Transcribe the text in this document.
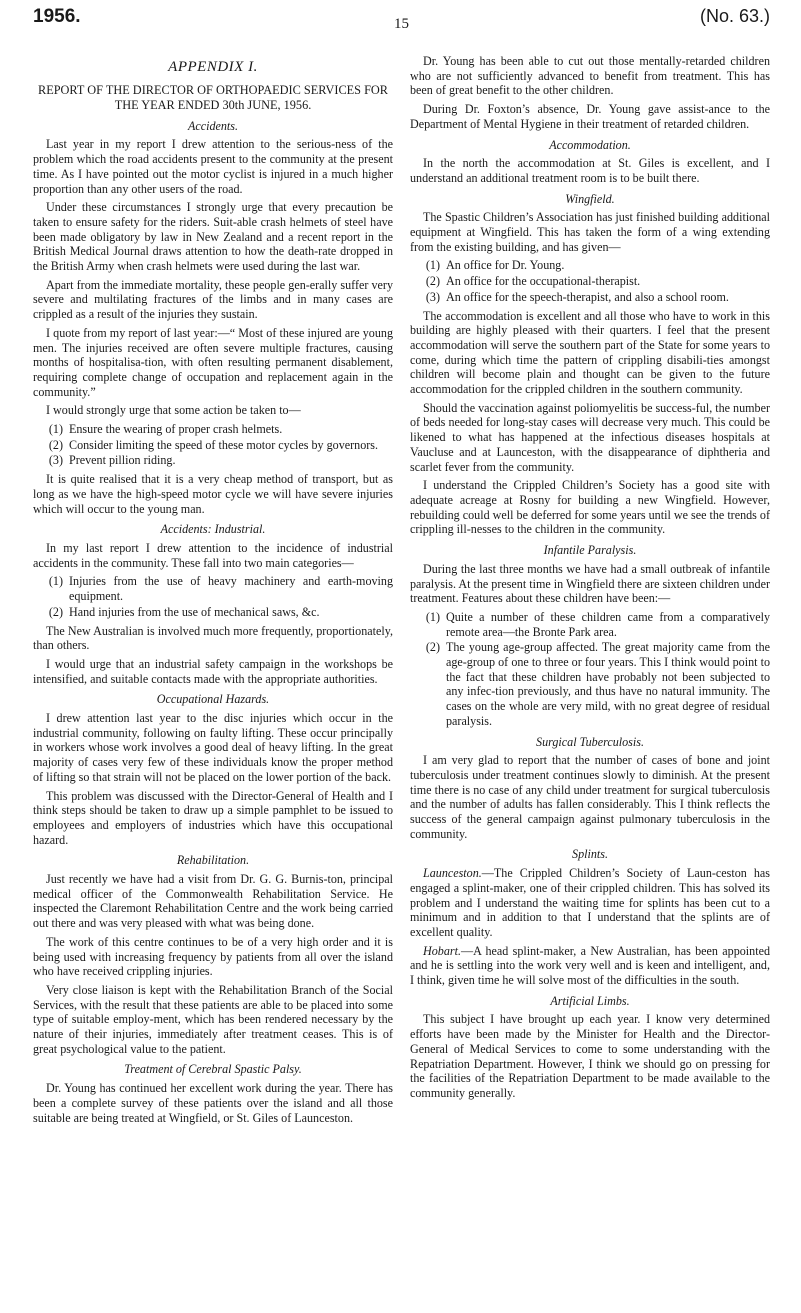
1956.	15	(No. 63.)
APPENDIX I.
REPORT OF THE DIRECTOR OF ORTHOPAEDIC SERVICES FOR THE YEAR ENDED 30th JUNE, 1956.
Accidents.

Last year in my report I drew attention to the serious-ness of the problem which the road accidents present to the community at the present time. As I have pointed out the motor cyclist is injured in a much higher proportion than any other users of the road.

Under these circumstances I strongly urge that every precaution be taken to ensure safety for the riders. Suit-able crash helmets of steel have been made obligatory by law in New Zealand and a recent report in the British Medical Journal draws attention to how the death-rate dropped in the British Army when crash helmets were used during the last war.

Apart from the immediate mortality, these people gen-erally suffer very severe and multilating fractures of the limbs and in many cases are crippled as a result of the injuries they sustain.

I quote from my report of last year:—“ Most of these injured are young men. The injuries received are often severe multiple fractures, causing months of hospitalisa-tion, with often resulting permanent disablement, requiring complete change of occupation and replacement again in the community.”

I would strongly urge that some action be taken to—

(1) Ensure the wearing of proper crash helmets.
(2) Consider limiting the speed of these motor cycles by governors.
(3) Prevent pillion riding.

It is quite realised that it is a very cheap method of transport, but as long as we have the high-speed motor cycle we will have severe injuries which will occur to the young man.

Accidents: Industrial.

In my last report I drew attention to the incidence of industrial accidents in the community. These fall into two main categories—

(1) Injuries from the use of heavy machinery and earth-moving equipment.
(2) Hand injuries from the use of mechanical saws, &c.

The New Australian is involved much more frequently, proportionately, than others.

I would urge that an industrial safety campaign in the workshops be intensified, and suitable contacts made with the appropriate authorities.

Occupational Hazards.

I drew attention last year to the disc injuries which occur in the industrial community, following on faulty lifting. These occur principally in workers whose work involves a good deal of heavy lifting. In the great majority of cases very few of these individuals know the proper method of lifting so that strain will not be placed on the lower portion of the back.

This problem was discussed with the Director-General of Health and I think steps should be taken to draw up a simple pamphlet to be issued to employees and employers of industries which have this occupational hazard.

Rehabilitation.

Just recently we have had a visit from Dr. G. G. Burnis-ton, principal medical officer of the Commonwealth Rehabilitation Service. He inspected the Claremont Rehabilitation Centre and the work being carried out there and was very pleased with what was being done.

The work of this centre continues to be of a very high order and it is being used with increasing frequency by patients from all over the island who have received crippling injuries.

Very close liaison is kept with the Rehabilitation Branch of the Social Services, with the result that these patients are able to be placed into some type of suitable employ-ment, which has been rendered necessary by the nature of their injuries, immediately after treatment ceases. This is of great psychological value to the patient.

Treatment of Cerebral Spastic Palsy.

Dr. Young has continued her excellent work during the year. There has been a complete survey of these patients over the island and all those suitable are being treated at Wingfield, or St. Giles of Launceston.

Dr. Young has been able to cut out those mentally-retarded children who are not sufficiently advanced to benefit from treatment. This has been of great benefit to the other children.

During Dr. Foxton’s absence, Dr. Young gave assist-ance to the Department of Mental Hygiene in their treatment of retarded children.

Accommodation.

In the north the accommodation at St. Giles is excellent, and I understand an additional treatment room is to be built there.

Wingfield.

The Spastic Children’s Association has just finished building additional equipment at Wingfield. This has taken the form of a wing extending from the existing building, and has given—

(1) An office for Dr. Young.
(2) An office for the occupational-therapist.
(3) An office for the speech-therapist, and also a school room.

The accommodation is excellent and all those who have to work in this building are highly pleased with their quarters. I feel that the present accommodation will serve the southern part of the State for some years to come, during which time the pattern of crippling disabili-ties amongst children will become plain and thought can be given to the future accommodation for the crippled children in the southern community.

Should the vaccination against poliomyelitis be success-ful, the number of beds needed for long-stay cases will decrease very much. This could be likened to what has happened at the infectious diseases hospitals at Vaucluse and at Launceston, with the disappearance of diphtheria and scarlet fever from the community.

I understand the Crippled Children’s Society has a good site with adequate acreage at Rosny for building a new Wingfield. However, rebuilding could well be deferred for some years until we see the trends of crippling ill-nesses to the children in the community.

Infantile Paralysis.

During the last three months we have had a small outbreak of infantile paralysis. At the present time in Wingfield there are sixteen children under treatment. Features about these children have been:—

(1) Quite a number of these children came from a comparatively remote area—the Bronte Park area.
(2) The young age-group affected. The great majority came from the age-group of one to three or four years. This I think would point to the fact that these children have probably not been subjected to any infec-tion previously, and thus have no natural immunity. The cases on the whole are very mild, with no great degree of residual paralysis.
Surgical Tuberculosis.

I am very glad to report that the number of cases of bone and joint tuberculosis under treatment continues slowly to diminish. At the present time there is no case of any child under treatment for surgical tuberculosis and the number of adults has fallen considerably. This I think reflects the success of the general campaign against pulmonary tuberculosis in the community.

Splints.

Launceston.—The Crippled Children’s Society of Laun-ceston has engaged a splint-maker, one of their crippled children. This has solved its problem and I understand the waiting time for splints has been cut to a minimum and in addition to that I understand that the splints are of excellent quality.

Hobart.—A head splint-maker, a New Australian, has been appointed and he is settling into the work very well and is keen and intelligent, and, I think, given time he will solve most of the difficulties in the south.

Artificial Limbs.

This subject I have brought up each year. I know very determined efforts have been made by the Minister for Health and the Director-General of Medical Services to come to some understanding with the Repatriation Department. However, I think we should go on pressing for the facilities of the Repatriation Department to be made available to the community generally.
